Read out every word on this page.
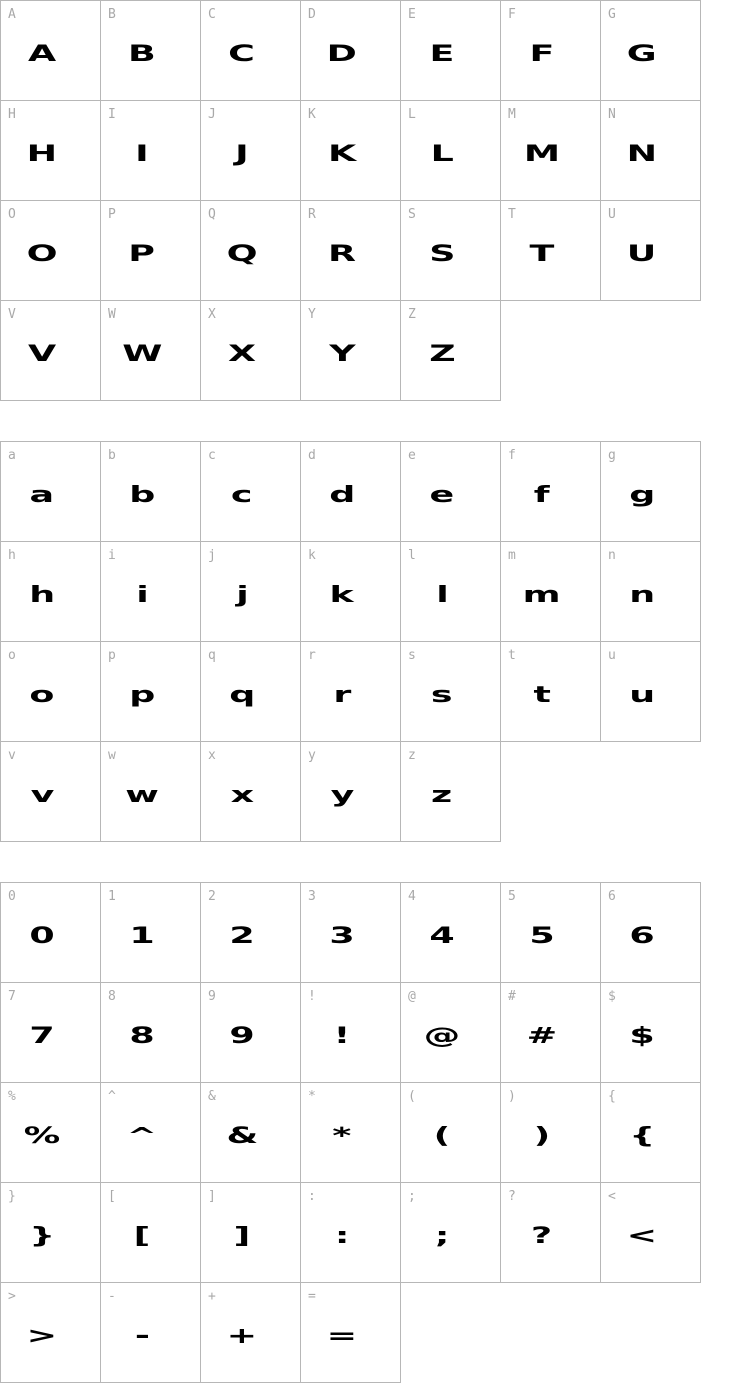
A
A
B
B
C
C
D
D
E
E
F
F
G
G
H
H
I
I
J
J
K
K
L
L
M
M
N
N
O
O
P
P
Q
Q
R
R
S
S
T
T
U
U
V
V
W
W
X
X
Y
Y
Z
Z
a
a
b
b
c
c
d
d
e
e
f
f
g
g
h
h
i
i
j
j
k
k
l
l
m
m
n
n
o
o
p
p
q
q
r
r
s
s
t
t
u
u
v
v
w
w
x
x
y
y
z
z
0
0
1
1
2
2
3
3
4
4
5
5
6
6
7
7
8
8
9
9
!
!
@
@
#
#
$
$
%
%
^
^
&
&
*
*
(
(
)
)
{
{
}
}
[
[
]
]
:
:
;
;
?
?
<
<
>
>
-
-
+
+
=
=
